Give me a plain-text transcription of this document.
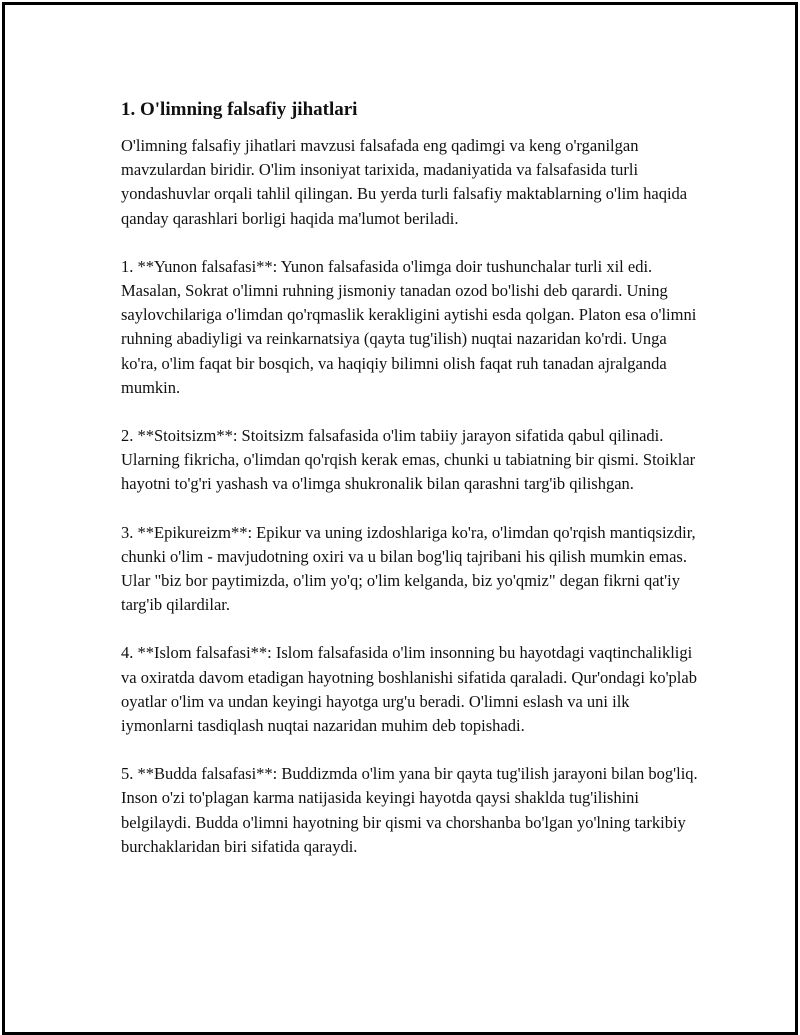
1. O'limning falsafiy jihatlari

O'limning falsafiy jihatlari mavzusi falsafada eng qadimgi va keng o'rganilgan mavzulardan biridir. O'lim insoniyat tarixida, madaniyatida va falsafasida turli yondashuvlar orqali tahlil qilingan. Bu yerda turli falsafiy maktablarning o'lim haqida qanday qarashlari borligi haqida ma'lumot beriladi.

1. **Yunon falsafasi**: Yunon falsafasida o'limga doir tushunchalar turli xil edi. Masalan, Sokrat o'limni ruhning jismoniy tanadan ozod bo'lishi deb qarardi. Uning saylovchilariga o'limdan qo'rqmaslik kerakligini aytishi esda qolgan. Platon esa o'limni ruhning abadiyligi va reinkarnatsiya (qayta tug'ilish) nuqtai nazaridan ko'rdi. Unga ko'ra, o'lim faqat bir bosqich, va haqiqiy bilimni olish faqat ruh tanadan ajralganda mumkin.

2. **Stoitsizm**: Stoitsizm falsafasida o'lim tabiiy jarayon sifatida qabul qilinadi. Ularning fikricha, o'limdan qo'rqish kerak emas, chunki u tabiatning bir qismi. Stoiklar hayotni to'g'ri yashash va o'limga shukronalik bilan qarashni targ'ib qilishgan.

3. **Epikureizm**: Epikur va uning izdoshlariga ko'ra, o'limdan qo'rqish mantiqsizdir, chunki o'lim - mavjudotning oxiri va u bilan bog'liq tajribani his qilish mumkin emas. Ular "biz bor paytimizda, o'lim yo'q; o'lim kelganda, biz yo'qmiz" degan fikrni qat'iy targ'ib qilardilar.

4. **Islom falsafasi**: Islom falsafasida o'lim insonning bu hayotdagi vaqtinchalikligi va oxiratda davom etadigan hayotning boshlanishi sifatida qaraladi. Qur'ondagi ko'plab oyatlar o'lim va undan keyingi hayotga urg'u beradi. O'limni eslash va uni ilk iymonlarni tasdiqlash nuqtai nazaridan muhim deb topishadi.

5. **Budda falsafasi**: Buddizmda o'lim yana bir qayta tug'ilish jarayoni bilan bog'liq. Inson o'zi to'plagan karma natijasida keyingi hayotda qaysi shaklda tug'ilishini belgilaydi. Budda o'limni hayotning bir qismi va chorshanba bo'lgan yo'lning tarkibiy burchaklaridan biri sifatida qaraydi.
